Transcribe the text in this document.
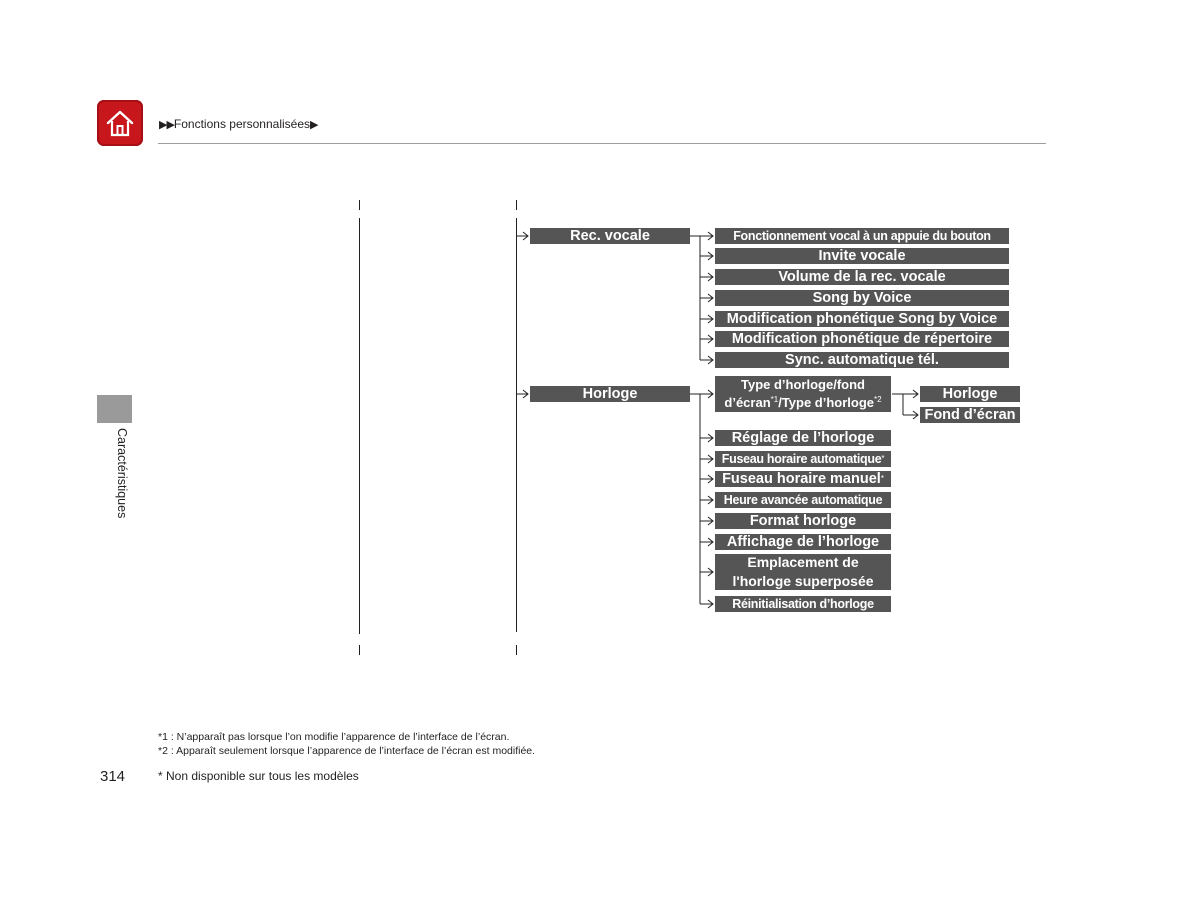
▶▶Fonctions personnalisées▶
Caractéristiques
Rec. vocale
Horloge
Fonctionnement vocal à un appuie du bouton
Invite vocale
Volume de la rec. vocale
Song by Voice
Modification phonétique Song by Voice
Modification phonétique de répertoire
Sync. automatique tél.
Type d’horloge/fond
d’écran$^{*1}$/Type d’horloge$^{*2}$	Horloge
Fond d’écran
Réglage de l’horloge
Fuseau horaire automatique *
Fuseau horaire manuel *
Heure avancée automatique
Format horloge
Affichage de l’horloge
Emplacement de
l'horloge superposée
Réinitialisation d’horloge
*1 : N’apparaît pas lorsque l’on modifie l’apparence de l’interface de l’écran.
*2 : Apparaît seulement lorsque l’apparence de l’interface de l’écran est modifiée.
314	* Non disponible sur tous les modèles
